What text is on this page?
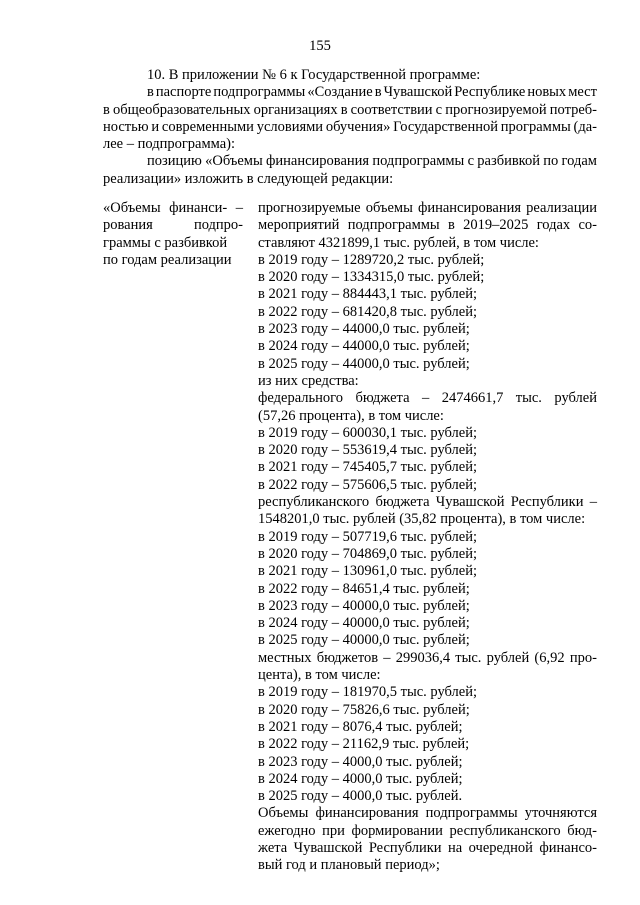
155

10. В приложении № 6 к Государственной программе:

в паспорте подпрограммы «Создание в Чувашской Республике новых мест
в общеобразовательных организациях в соответствии с прогнозируемой потреб-
ностью и современными условиями обучения» Государственной программы (да-
лее – подпрограмма):
позицию «Объемы финансирования подпрограммы с разбивкой по годам
реализации» изложить в следующей редакции:
«Объемы финанси- –
рования	подпро-
граммы с разбивкой
по годам реализации
прогнозируемые объемы финансирования реализации
мероприятий подпрограммы в 2019–2025 годах со-
ставляют 4321899,1 тыс. рублей, в том числе:
в 2019 году – 1289720,2 тыс. рублей;
в 2020 году – 1334315,0 тыс. рублей;
в 2021 году – 884443,1 тыс. рублей;
в 2022 году – 681420,8 тыс. рублей;
в 2023 году – 44000,0 тыс. рублей;
в 2024 году – 44000,0 тыс. рублей;
в 2025 году – 44000,0 тыс. рублей;
из них средства:
федерального бюджета – 2474661,7 тыс. рублей
(57,26 процента), в том числе:
в 2019 году – 600030,1 тыс. рублей;
в 2020 году – 553619,4 тыс. рублей;
в 2021 году – 745405,7 тыс. рублей;
в 2022 году – 575606,5 тыс. рублей;
республиканского бюджета Чувашской Республики –
1548201,0 тыс. рублей (35,82 процента), в том числе:
в 2019 году – 507719,6 тыс. рублей;
в 2020 году – 704869,0 тыс. рублей;
в 2021 году – 130961,0 тыс. рублей;
в 2022 году – 84651,4 тыс. рублей;
в 2023 году – 40000,0 тыс. рублей;
в 2024 году – 40000,0 тыс. рублей;
в 2025 году – 40000,0 тыс. рублей;
местных бюджетов – 299036,4 тыс. рублей (6,92 про-
цента), в том числе:
в 2019 году – 181970,5 тыс. рублей;
в 2020 году – 75826,6 тыс. рублей;
в 2021 году – 8076,4 тыс. рублей;
в 2022 году – 21162,9 тыс. рублей;
в 2023 году – 4000,0 тыс. рублей;
в 2024 году – 4000,0 тыс. рублей;
в 2025 году – 4000,0 тыс. рублей.
Объемы финансирования подпрограммы уточняются
ежегодно при формировании республиканского бюд-
жета Чувашской Республики на очередной финансо-
вый год и плановый период»;
